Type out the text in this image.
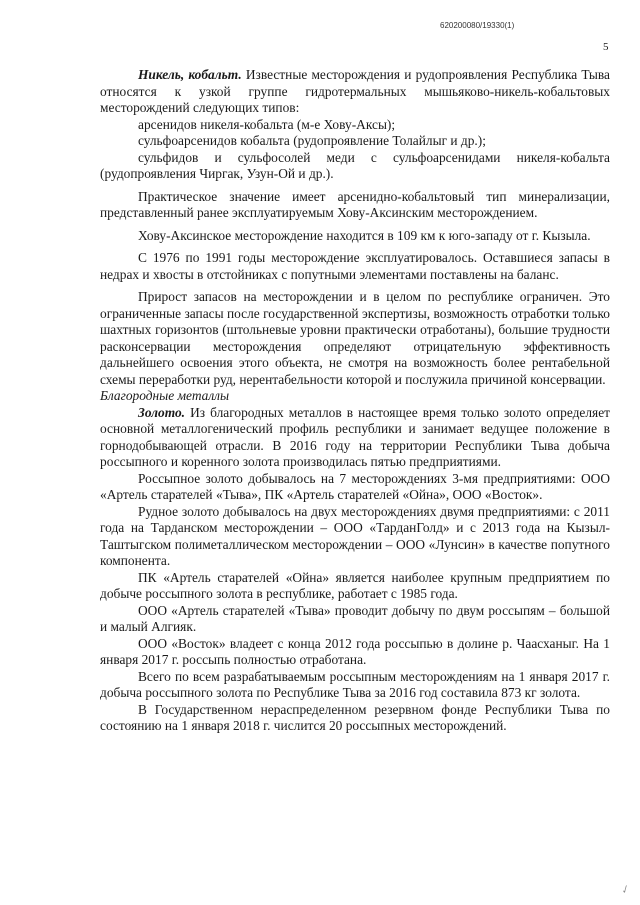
620200080/19330(1)
5

Никель, кобальт. Известные месторождения и рудопроявления Республика Тыва относятся к узкой группе гидротермальных мышьяково-никель-кобальтовых месторождений следующих типов:

арсенидов никеля-кобальта (м-е Хову-Аксы);

сульфоарсенидов кобальта (рудопроявление Толайлыг и др.);

сульфидов и сульфосолей меди с сульфоарсенидами никеля-кобальта (рудопроявления Чиргак, Узун-Ой и др.).

Практическое значение имеет арсенидно-кобальтовый тип минерализации, представленный ранее эксплуатируемым Хову-Аксинским месторождением.

Хову-Аксинское месторождение находится в 109 км к юго-западу от г. Кызыла.

С 1976 по 1991 годы месторождение эксплуатировалось. Оставшиеся запасы в недрах и хвосты в отстойниках с попутными элементами поставлены на баланс.

Прирост запасов на месторождении и в целом по республике ограничен. Это ограниченные запасы после государственной экспертизы, возможность отработки только шахтных горизонтов (штольневые уровни практически отработаны), большие трудности расконсервации месторождения определяют отрицательную эффективность дальнейшего освоения этого объекта, не смотря на возможность более рентабельной схемы переработки руд, нерентабельности которой и послужила причиной консервации.

Благородные металлы

Золото. Из благородных металлов в настоящее время только золото определяет основной металлогенический профиль республики и занимает ведущее положение в горнодобывающей отрасли. В 2016 году на территории Республики Тыва добыча россыпного и коренного золота производилась пятью предприятиями.

Россыпное золото добывалось на 7 месторождениях 3-мя предприятиями: ООО «Артель старателей «Тыва», ПК «Артель старателей «Ойна», ООО «Восток».

Рудное золото добывалось на двух месторождениях двумя предприятиями: с 2011 года на Тарданском месторождении – ООО «ТарданГолд» и с 2013 года на Кызыл-Таштыгском полиметаллическом месторождении – ООО «Лунсин» в качестве попутного компонента.

ПК «Артель старателей «Ойна» является наиболее крупным предприятием по добыче россыпного золота в республике, работает с 1985 года.

ООО «Артель старателей «Тыва» проводит добычу по двум россыпям – большой и малый Алгияк.

ООО «Восток» владеет с конца 2012 года россыпью в долине р. Чаасханыг. На 1 января 2017 г. россыпь полностью отработана.

Всего по всем разрабатываемым россыпным месторождениям на 1 января 2017 г. добыча россыпного золота по Республике Тыва за 2016 год составила 873 кг золота.

В Государственном нераспределенном резервном фонде Республики Тыва по состоянию на 1 января 2018 г. числится 20 россыпных месторождений.

✓
